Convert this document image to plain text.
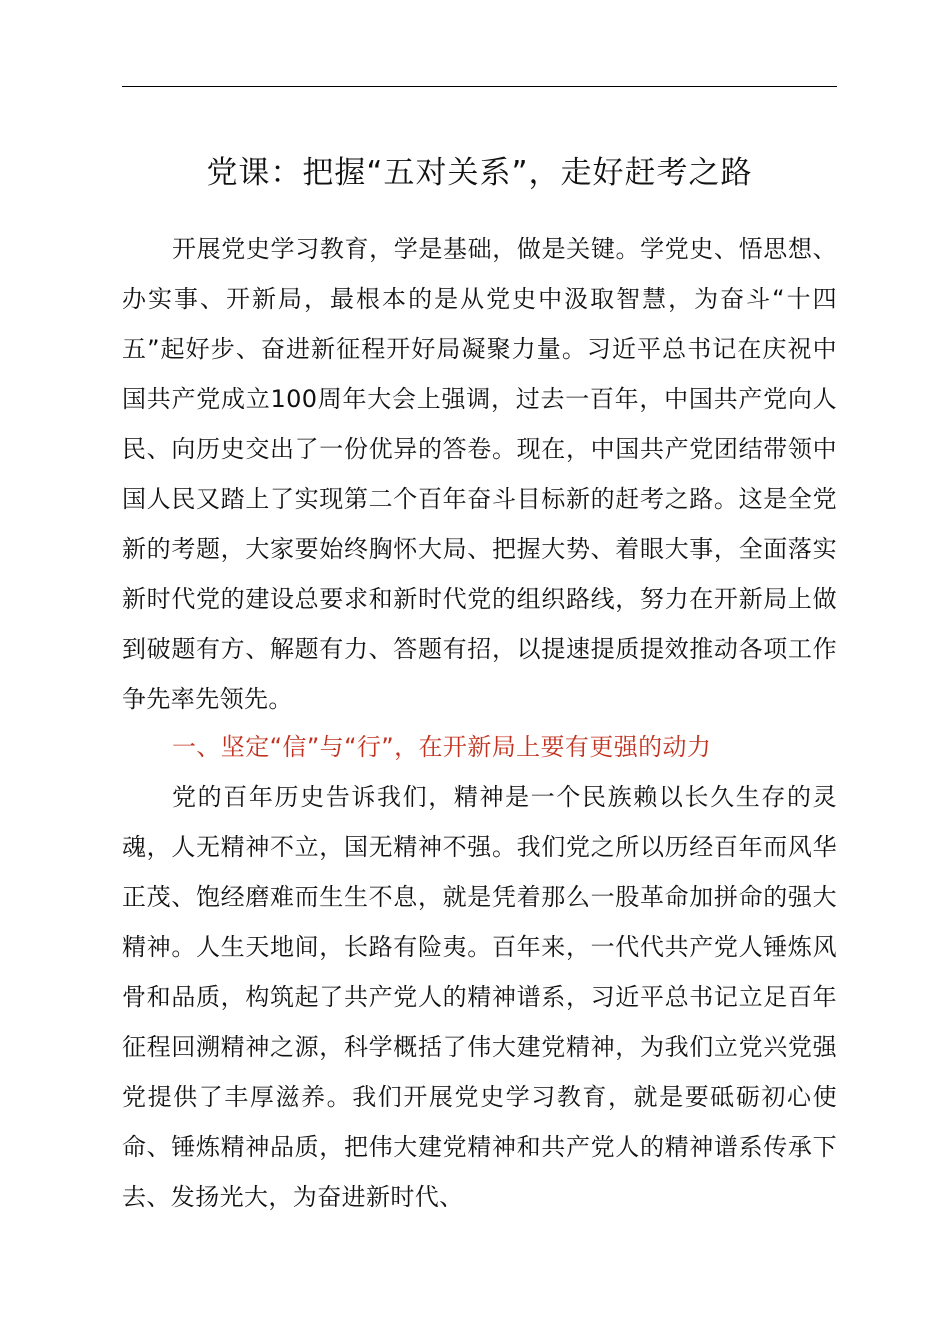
党课：把握“五对关系”，走好赶考之路

开展党史学习教育，学是基础，做是关键。学党史、悟思想、办实事、开新局，最根本的是从党史中汲取智慧，为奋斗“十四五”起好步、奋进新征程开好局凝聚力量。习近平总书记在庆祝中国共产党成立100周年大会上强调，过去一百年，中国共产党向人民、向历史交出了一份优异的答卷。现在，中国共产党团结带领中国人民又踏上了实现第二个百年奋斗目标新的赶考之路。这是全党新的考题，大家要始终胸怀大局、把握大势、着眼大事，全面落实新时代党的建设总要求和新时代党的组织路线，努力在开新局上做到破题有方、解题有力、答题有招，以提速提质提效推动各项工作争先率先领先。

一、坚定“信”与“行”，在开新局上要有更强的动力

党的百年历史告诉我们，精神是一个民族赖以长久生存的灵魂，人无精神不立，国无精神不强。我们党之所以历经百年而风华正茂、饱经磨难而生生不息，就是凭着那么一股革命加拼命的强大精神。人生天地间，长路有险夷。百年来，一代代共产党人锤炼风骨和品质，构筑起了共产党人的精神谱系，习近平总书记立足百年征程回溯精神之源，科学概括了伟大建党精神，为我们立党兴党强党提供了丰厚滋养。我们开展党史学习教育，就是要砥砺初心使命、锤炼精神品质，把伟大建党精神和共产党人的精神谱系传承下去、发扬光大，为奋进新时代、
